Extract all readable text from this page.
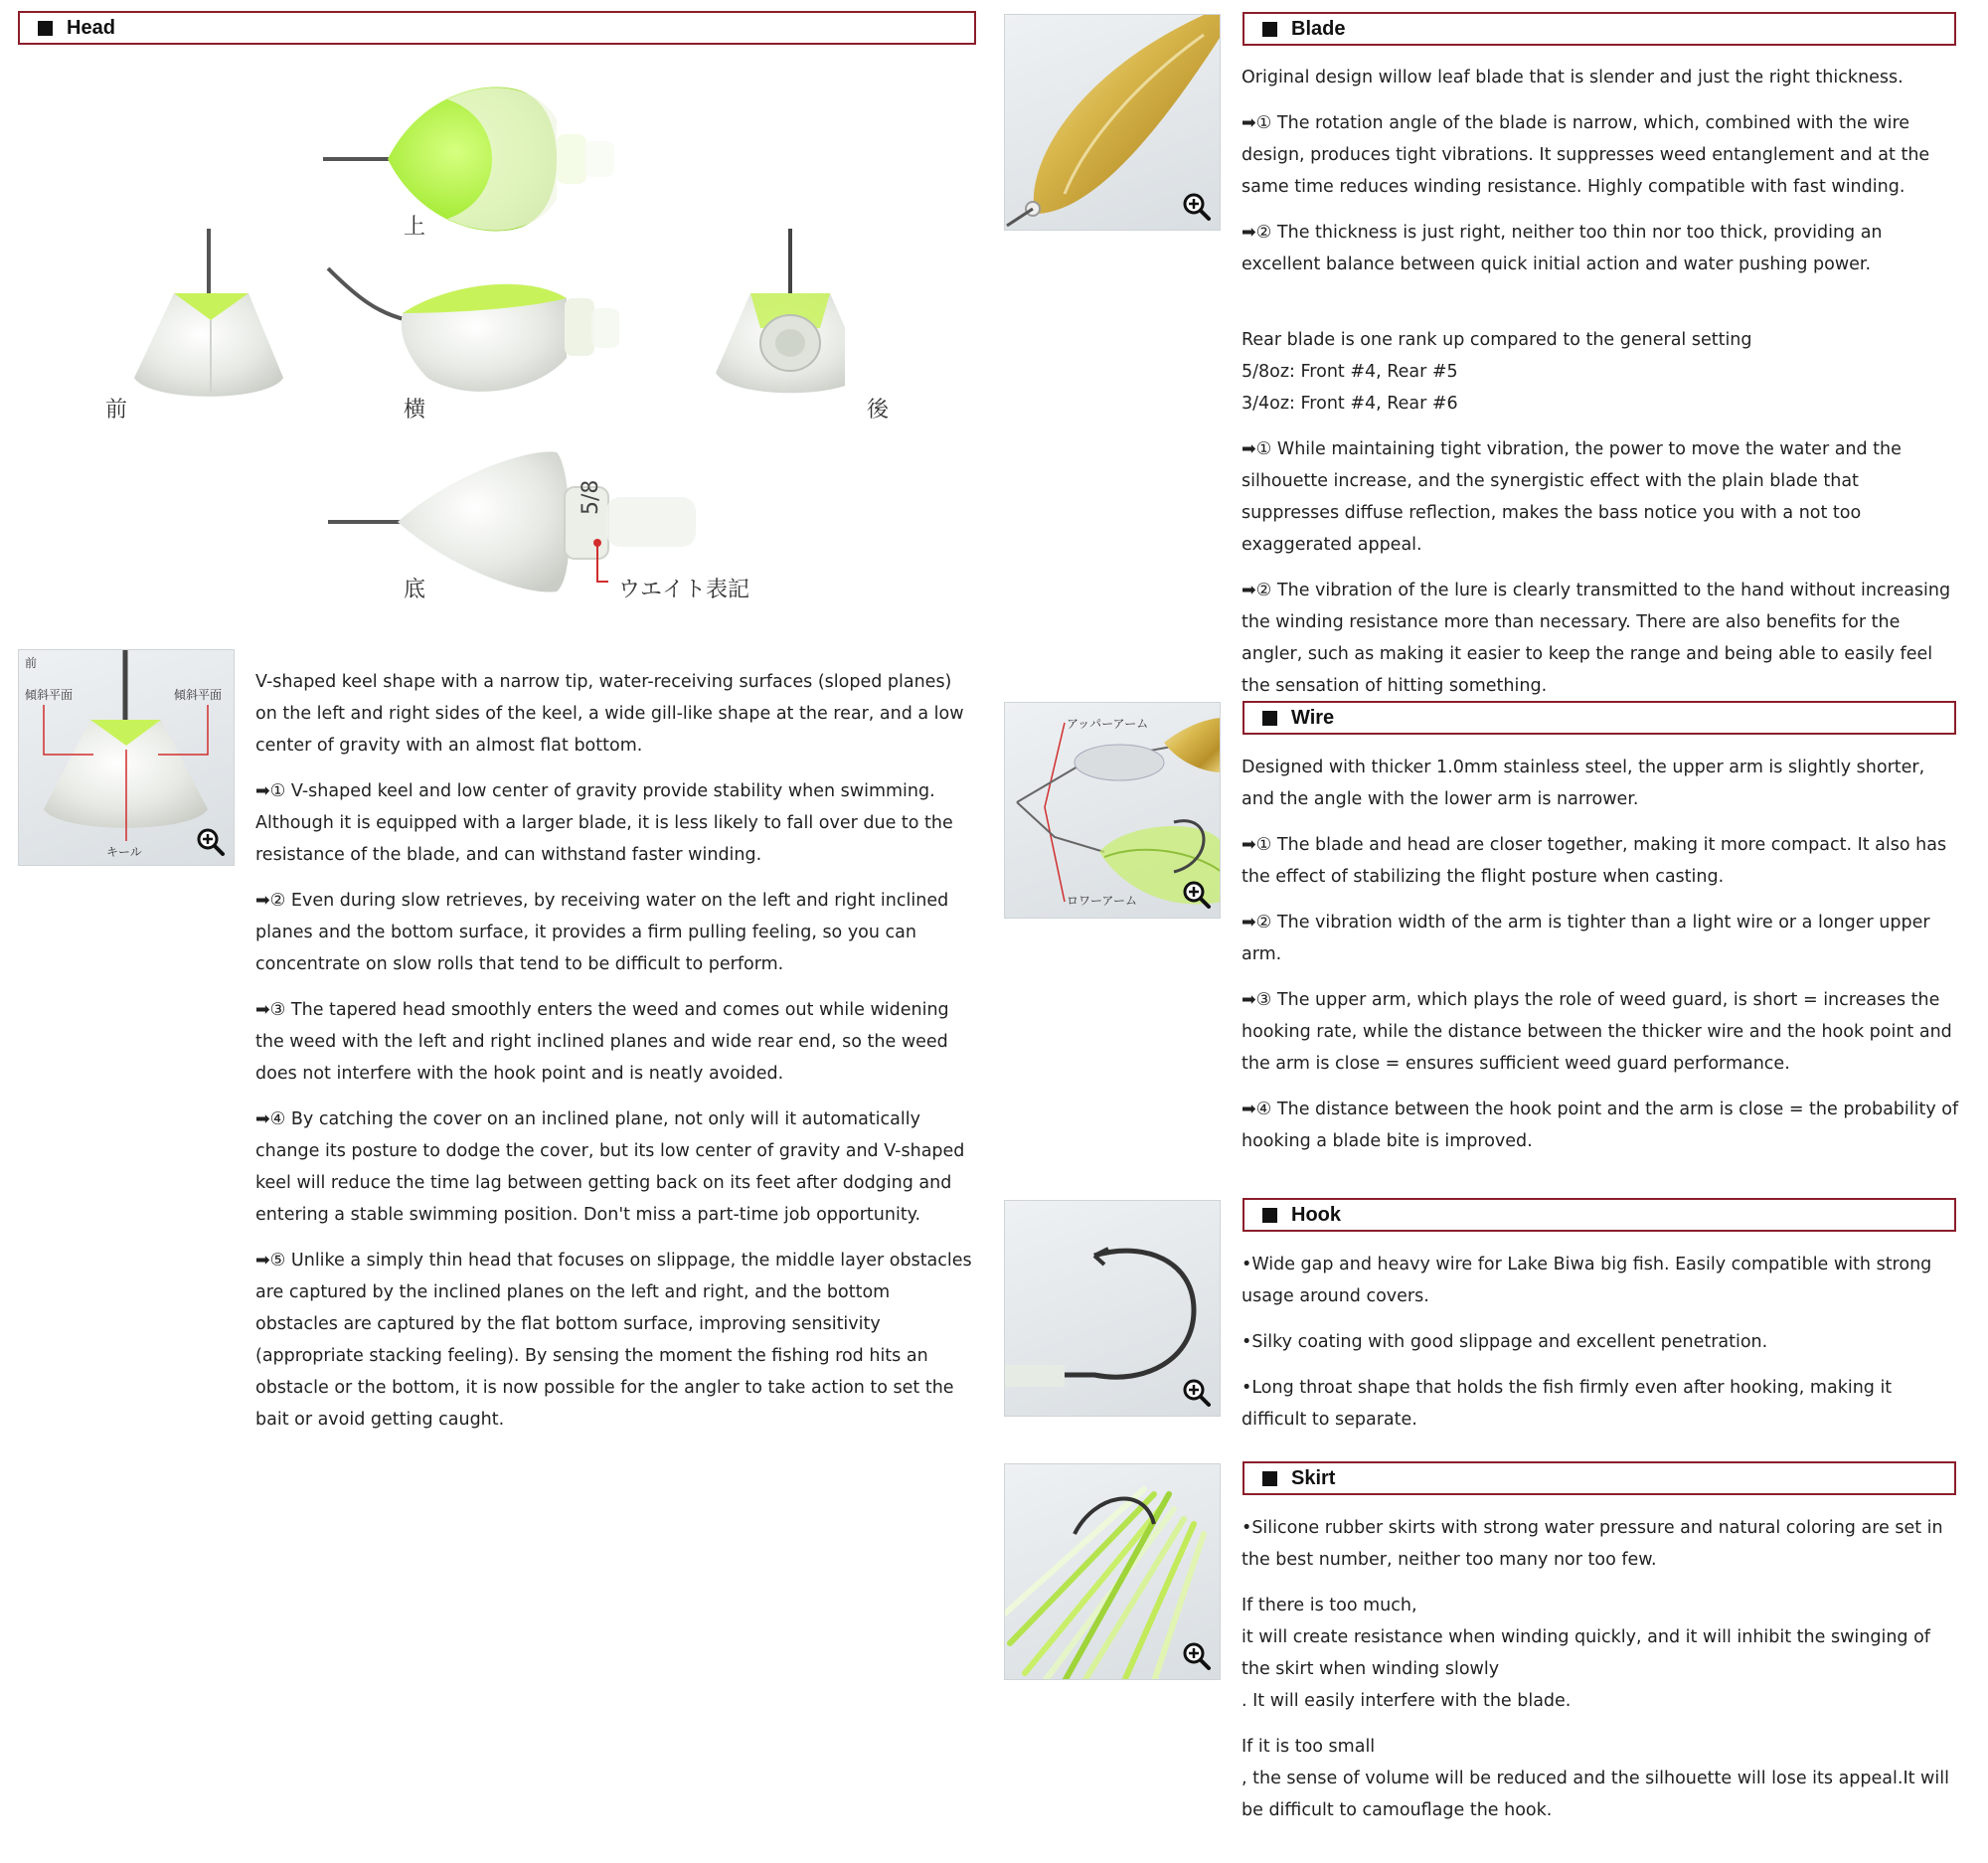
Head
上
前	横	後
底	ウエイト表記
5/8
前
傾斜平面	傾斜平面
キール

V-shaped keel shape with a narrow tip, water-receiving surfaces (sloped planes) on the left and right sides of the keel, a wide gill-like shape at the rear, and a low center of gravity with an almost flat bottom.

➡① V-shaped keel and low center of gravity provide stability when swimming. Although it is equipped with a larger blade, it is less likely to fall over due to the resistance of the blade, and can withstand faster winding.

➡② Even during slow retrieves, by receiving water on the left and right inclined planes and the bottom surface, it provides a firm pulling feeling, so you can concentrate on slow rolls that tend to be difficult to perform.

➡③ The tapered head smoothly enters the weed and comes out while widening the weed with the left and right inclined planes and wide rear end, so the weed does not interfere with the hook point and is neatly avoided.

➡④ By catching the cover on an inclined plane, not only will it automatically change its posture to dodge the cover, but its low center of gravity and V-shaped keel will reduce the time lag between getting back on its feet after dodging and entering a stable swimming position. Don't miss a part-time job opportunity.

➡⑤ Unlike a simply thin head that focuses on slippage, the middle layer obstacles are captured by the inclined planes on the left and right, and the bottom obstacles are captured by the flat bottom surface, improving sensitivity (appropriate stacking feeling). By sensing the moment the fishing rod hits an obstacle or the bottom, it is now possible for the angler to take action to set the bait or avoid getting caught.

Blade

Original design willow leaf blade that is slender and just the right thickness.

➡① The rotation angle of the blade is narrow, which, combined with the wire design, produces tight vibrations. It suppresses weed entanglement and at the same time reduces winding resistance. Highly compatible with fast winding.

➡② The thickness is just right, neither too thin nor too thick, providing an excellent balance between quick initial action and water pushing power.

Rear blade is one rank up compared to the general setting

5/8oz: Front #4, Rear #5

3/4oz: Front #4, Rear #6

➡① While maintaining tight vibration, the power to move the water and the silhouette increase, and the synergistic effect with the plain blade that suppresses diffuse reflection, makes the bass notice you with a not too exaggerated appeal.

➡② The vibration of the lure is clearly transmitted to the hand without increasing the winding resistance more than necessary. There are also benefits for the angler, such as making it easier to keep the range and being able to easily feel the sensation of hitting something.

アッパーアーム
ロワーアーム
Wire

Designed with thicker 1.0mm stainless steel, the upper arm is slightly shorter, and the angle with the lower arm is narrower.

➡① The blade and head are closer together, making it more compact. It also has the effect of stabilizing the flight posture when casting.

➡② The vibration width of the arm is tighter than a light wire or a longer upper arm.

➡③ The upper arm, which plays the role of weed guard, is short = increases the hooking rate, while the distance between the thicker wire and the hook point and the arm is close = ensures sufficient weed guard performance.

➡④ The distance between the hook point and the arm is close = the probability of hooking a blade bite is improved.

Hook

•Wide gap and heavy wire for Lake Biwa big fish. Easily compatible with strong usage around covers.

•Silky coating with good slippage and excellent penetration.

•Long throat shape that holds the fish firmly even after hooking, making it difficult to separate.

Skirt

•Silicone rubber skirts with strong water pressure and natural coloring are set in the best number, neither too many nor too few.

If there is too much,

it will create resistance when winding quickly, and it will inhibit the swinging of the skirt when winding slowly

. It will easily interfere with the blade.

If it is too small

, the sense of volume will be reduced and the silhouette will lose its appeal.It will be difficult to camouflage the hook.
